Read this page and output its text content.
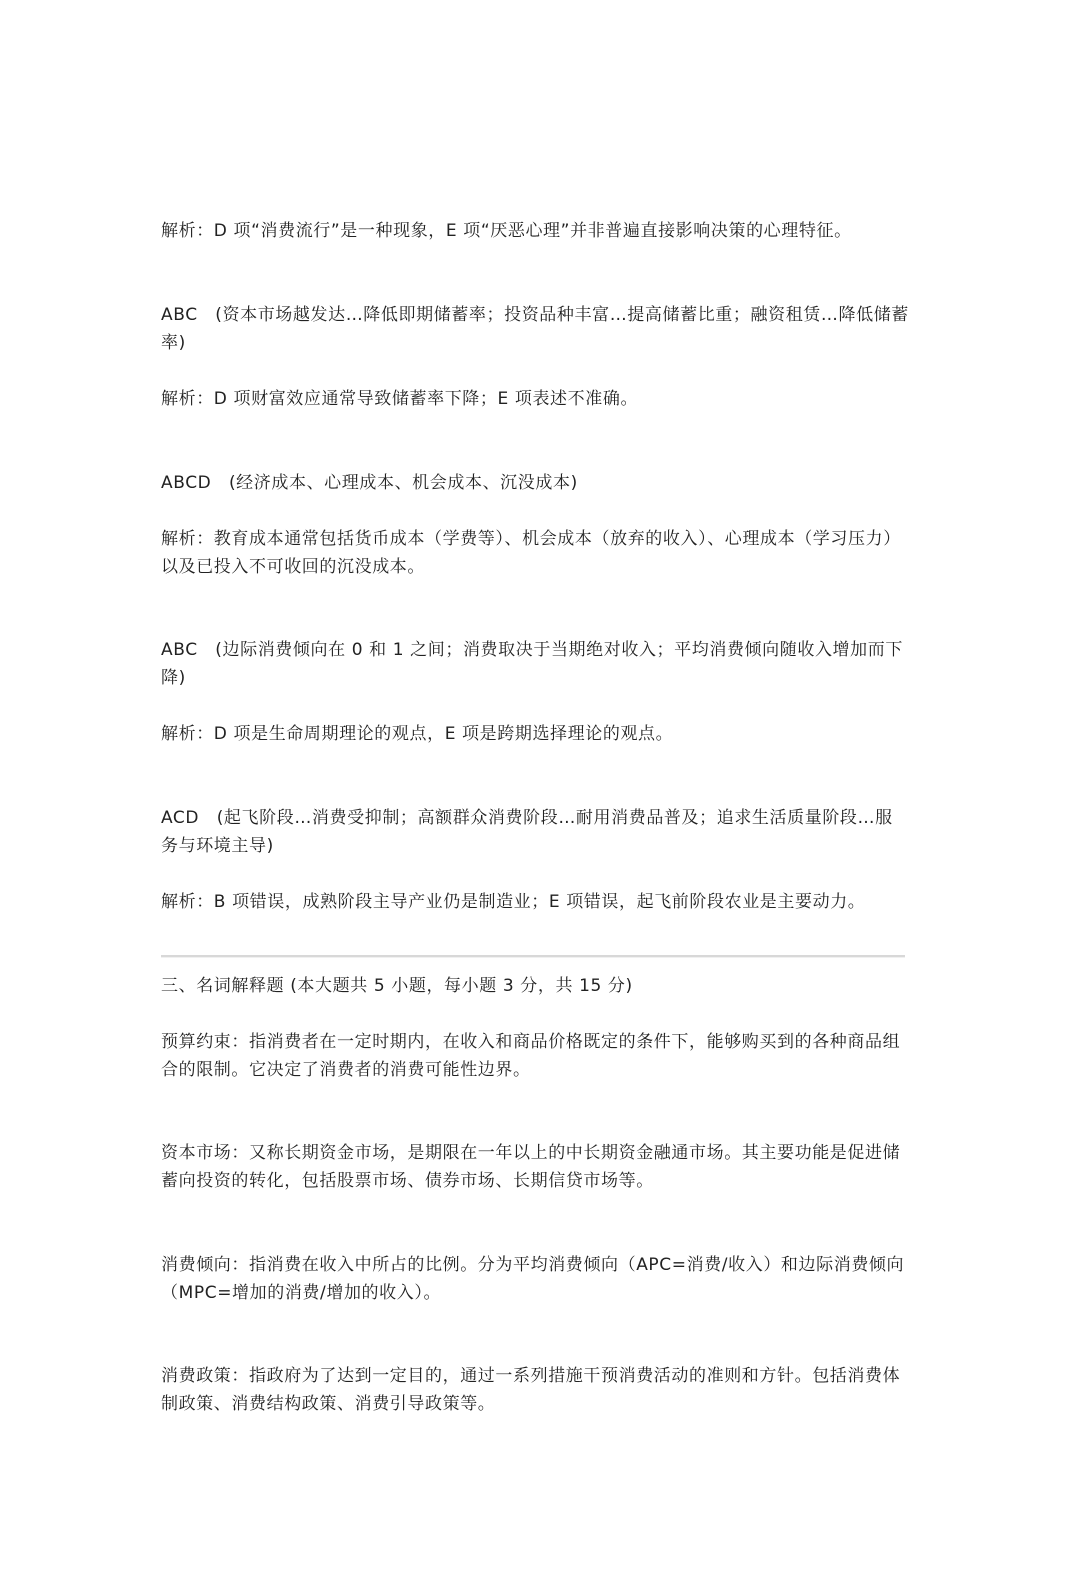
解析：D 项“消费流行”是一种现象，E 项“厌恶心理”并非普遍直接影响决策的心理特征。

ABC　(资本市场越发达…降低即期储蓄率；投资品种丰富…提高储蓄比重；融资租赁…降低储蓄率)

解析：D 项财富效应通常导致储蓄率下降；E 项表述不准确。

ABCD　(经济成本、心理成本、机会成本、沉没成本)

解析：教育成本通常包括货币成本（学费等）、机会成本（放弃的收入）、心理成本（学习压力）以及已投入不可收回的沉没成本。

ABC　(边际消费倾向在 0 和 1 之间；消费取决于当期绝对收入；平均消费倾向随收入增加而下降)

解析：D 项是生命周期理论的观点，E 项是跨期选择理论的观点。

ACD　(起飞阶段…消费受抑制；高额群众消费阶段…耐用消费品普及；追求生活质量阶段…服务与环境主导)

解析：B 项错误，成熟阶段主导产业仍是制造业；E 项错误，起飞前阶段农业是主要动力。

三、名词解释题 (本大题共 5 小题，每小题 3 分，共 15 分)

预算约束：指消费者在一定时期内，在收入和商品价格既定的条件下，能够购买到的各种商品组合的限制。它决定了消费者的消费可能性边界。

资本市场：又称长期资金市场，是期限在一年以上的中长期资金融通市场。其主要功能是促进储蓄向投资的转化，包括股票市场、债券市场、长期信贷市场等。

消费倾向：指消费在收入中所占的比例。分为平均消费倾向（APC=消费/收入）和边际消费倾向（MPC=增加的消费/增加的收入）。

消费政策：指政府为了达到一定目的，通过一系列措施干预消费活动的准则和方针。包括消费体制政策、消费结构政策、消费引导政策等。
